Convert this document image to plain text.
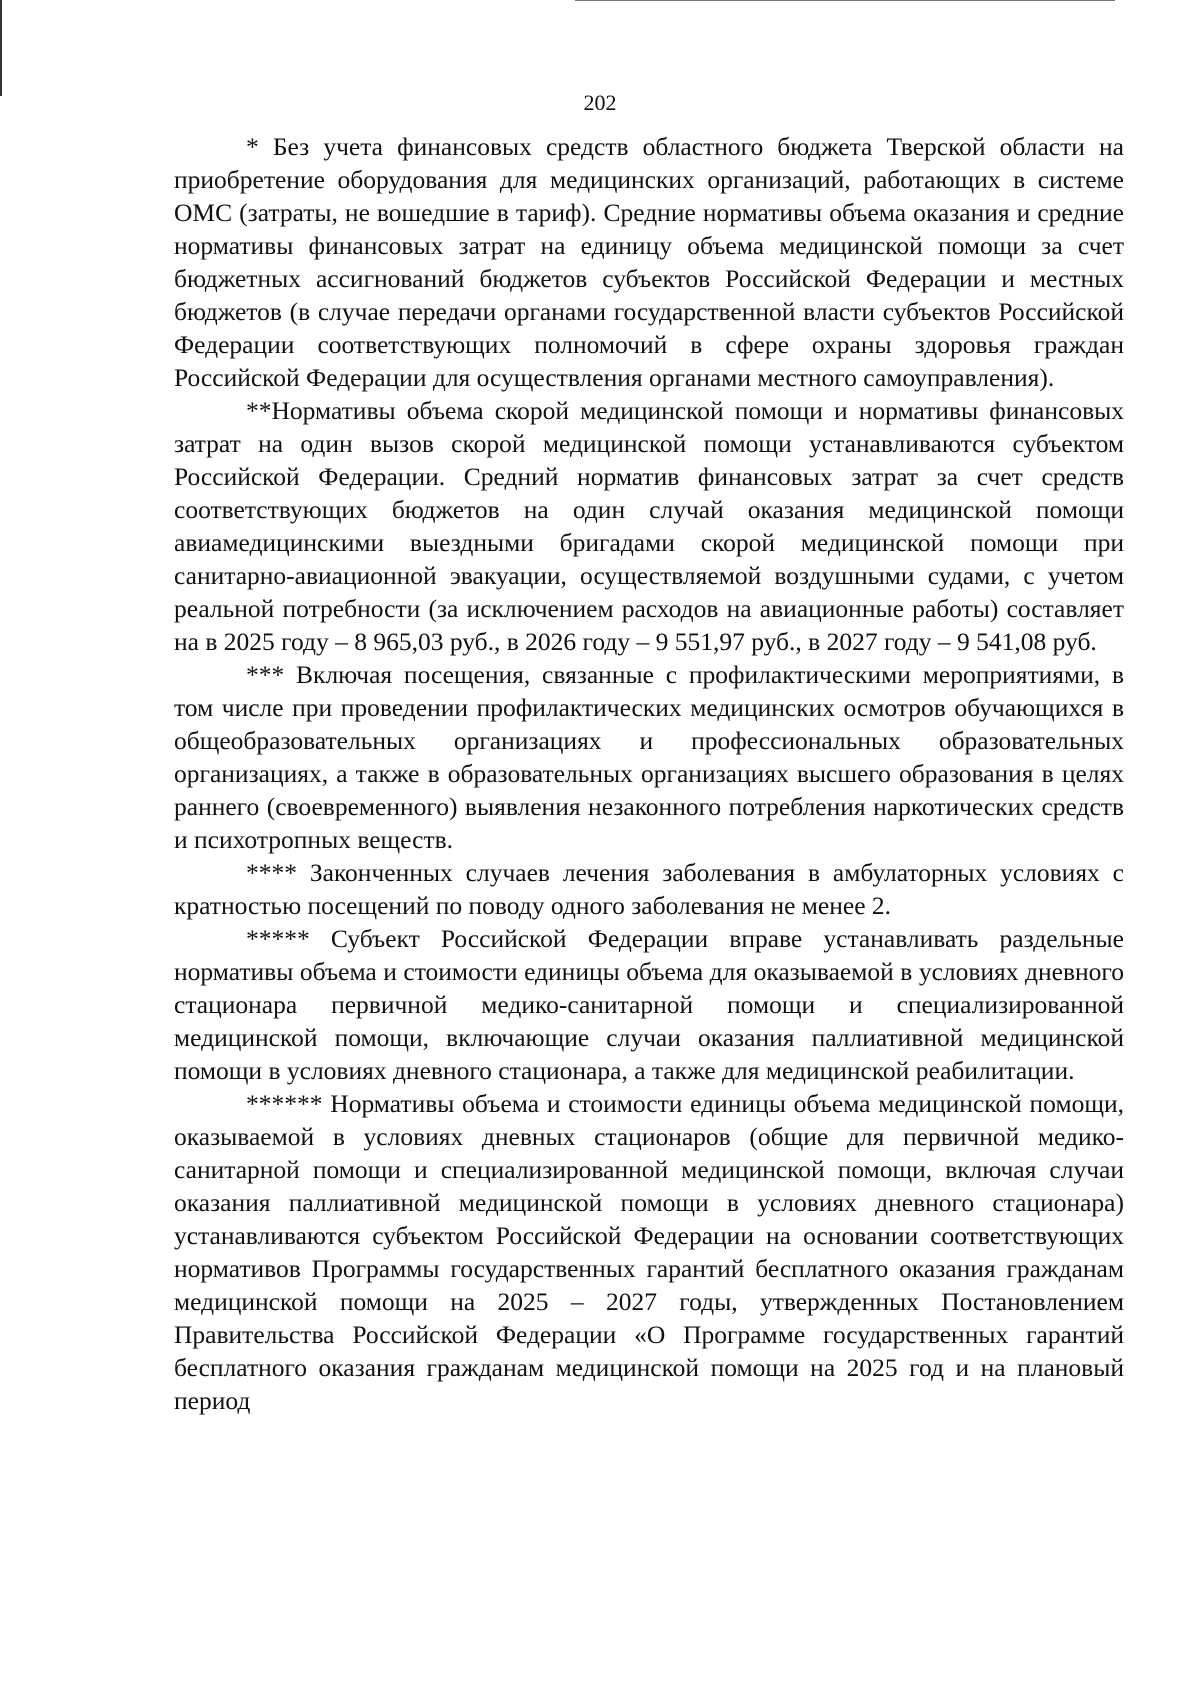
202

* Без учета финансовых средств областного бюджета Тверской области на приобретение оборудования для медицинских организаций, работающих в системе ОМС (затраты, не вошедшие в тариф). Средние нормативы объема оказания и средние нормативы финансовых затрат на единицу объема медицинской помощи за счет бюджетных ассигнований бюджетов субъектов Российской Федерации и местных бюджетов (в случае передачи органами государственной власти субъектов Российской Федерации соответствующих полномочий в сфере охраны здоровья граждан Российской Федерации для осуществления органами местного самоуправления).

**Нормативы объема скорой медицинской помощи и нормативы финансовых затрат на один вызов скорой медицинской помощи устанавливаются субъектом Российской Федерации. Средний норматив финансовых затрат за счет средств соответствующих бюджетов на один случай оказания медицинской помощи авиамедицинскими выездными бригадами скорой медицинской помощи при санитарно-авиационной эвакуации, осуществляемой воздушными судами, с учетом реальной потребности (за исключением расходов на авиационные работы) составляет на в 2025 году – 8 965,03 руб., в 2026 году – 9 551,97 руб., в 2027 году – 9 541,08 руб.

*** Включая посещения, связанные с профилактическими мероприятиями, в том числе при проведении профилактических медицинских осмотров обучающихся в общеобразовательных организациях и профессиональных образовательных организациях, а также в образовательных организациях высшего образования в целях раннего (своевременного) выявления незаконного потребления наркотических средств и психотропных веществ.

**** Законченных случаев лечения заболевания в амбулаторных условиях с кратностью посещений по поводу одного заболевания не менее 2.

***** Субъект Российской Федерации вправе устанавливать раздельные нормативы объема и стоимости единицы объема для оказываемой в условиях дневного стационара первичной медико-санитарной помощи и специализированной медицинской помощи, включающие случаи оказания паллиативной медицинской помощи в условиях дневного стационара, а также для медицинской реабилитации.

****** Нормативы объема и стоимости единицы объема медицинской помощи, оказываемой в условиях дневных стационаров (общие для первичной медико-санитарной помощи и специализированной медицинской помощи, включая случаи оказания паллиативной медицинской помощи в условиях дневного стационара) устанавливаются субъектом Российской Федерации на основании соответствующих нормативов Программы государственных гарантий бесплатного оказания гражданам медицинской помощи на 2025 – 2027 годы, утвержденных Постановлением Правительства Российской Федерации «О Программе государственных гарантий бесплатного оказания гражданам медицинской помощи на 2025 год и на плановый период
